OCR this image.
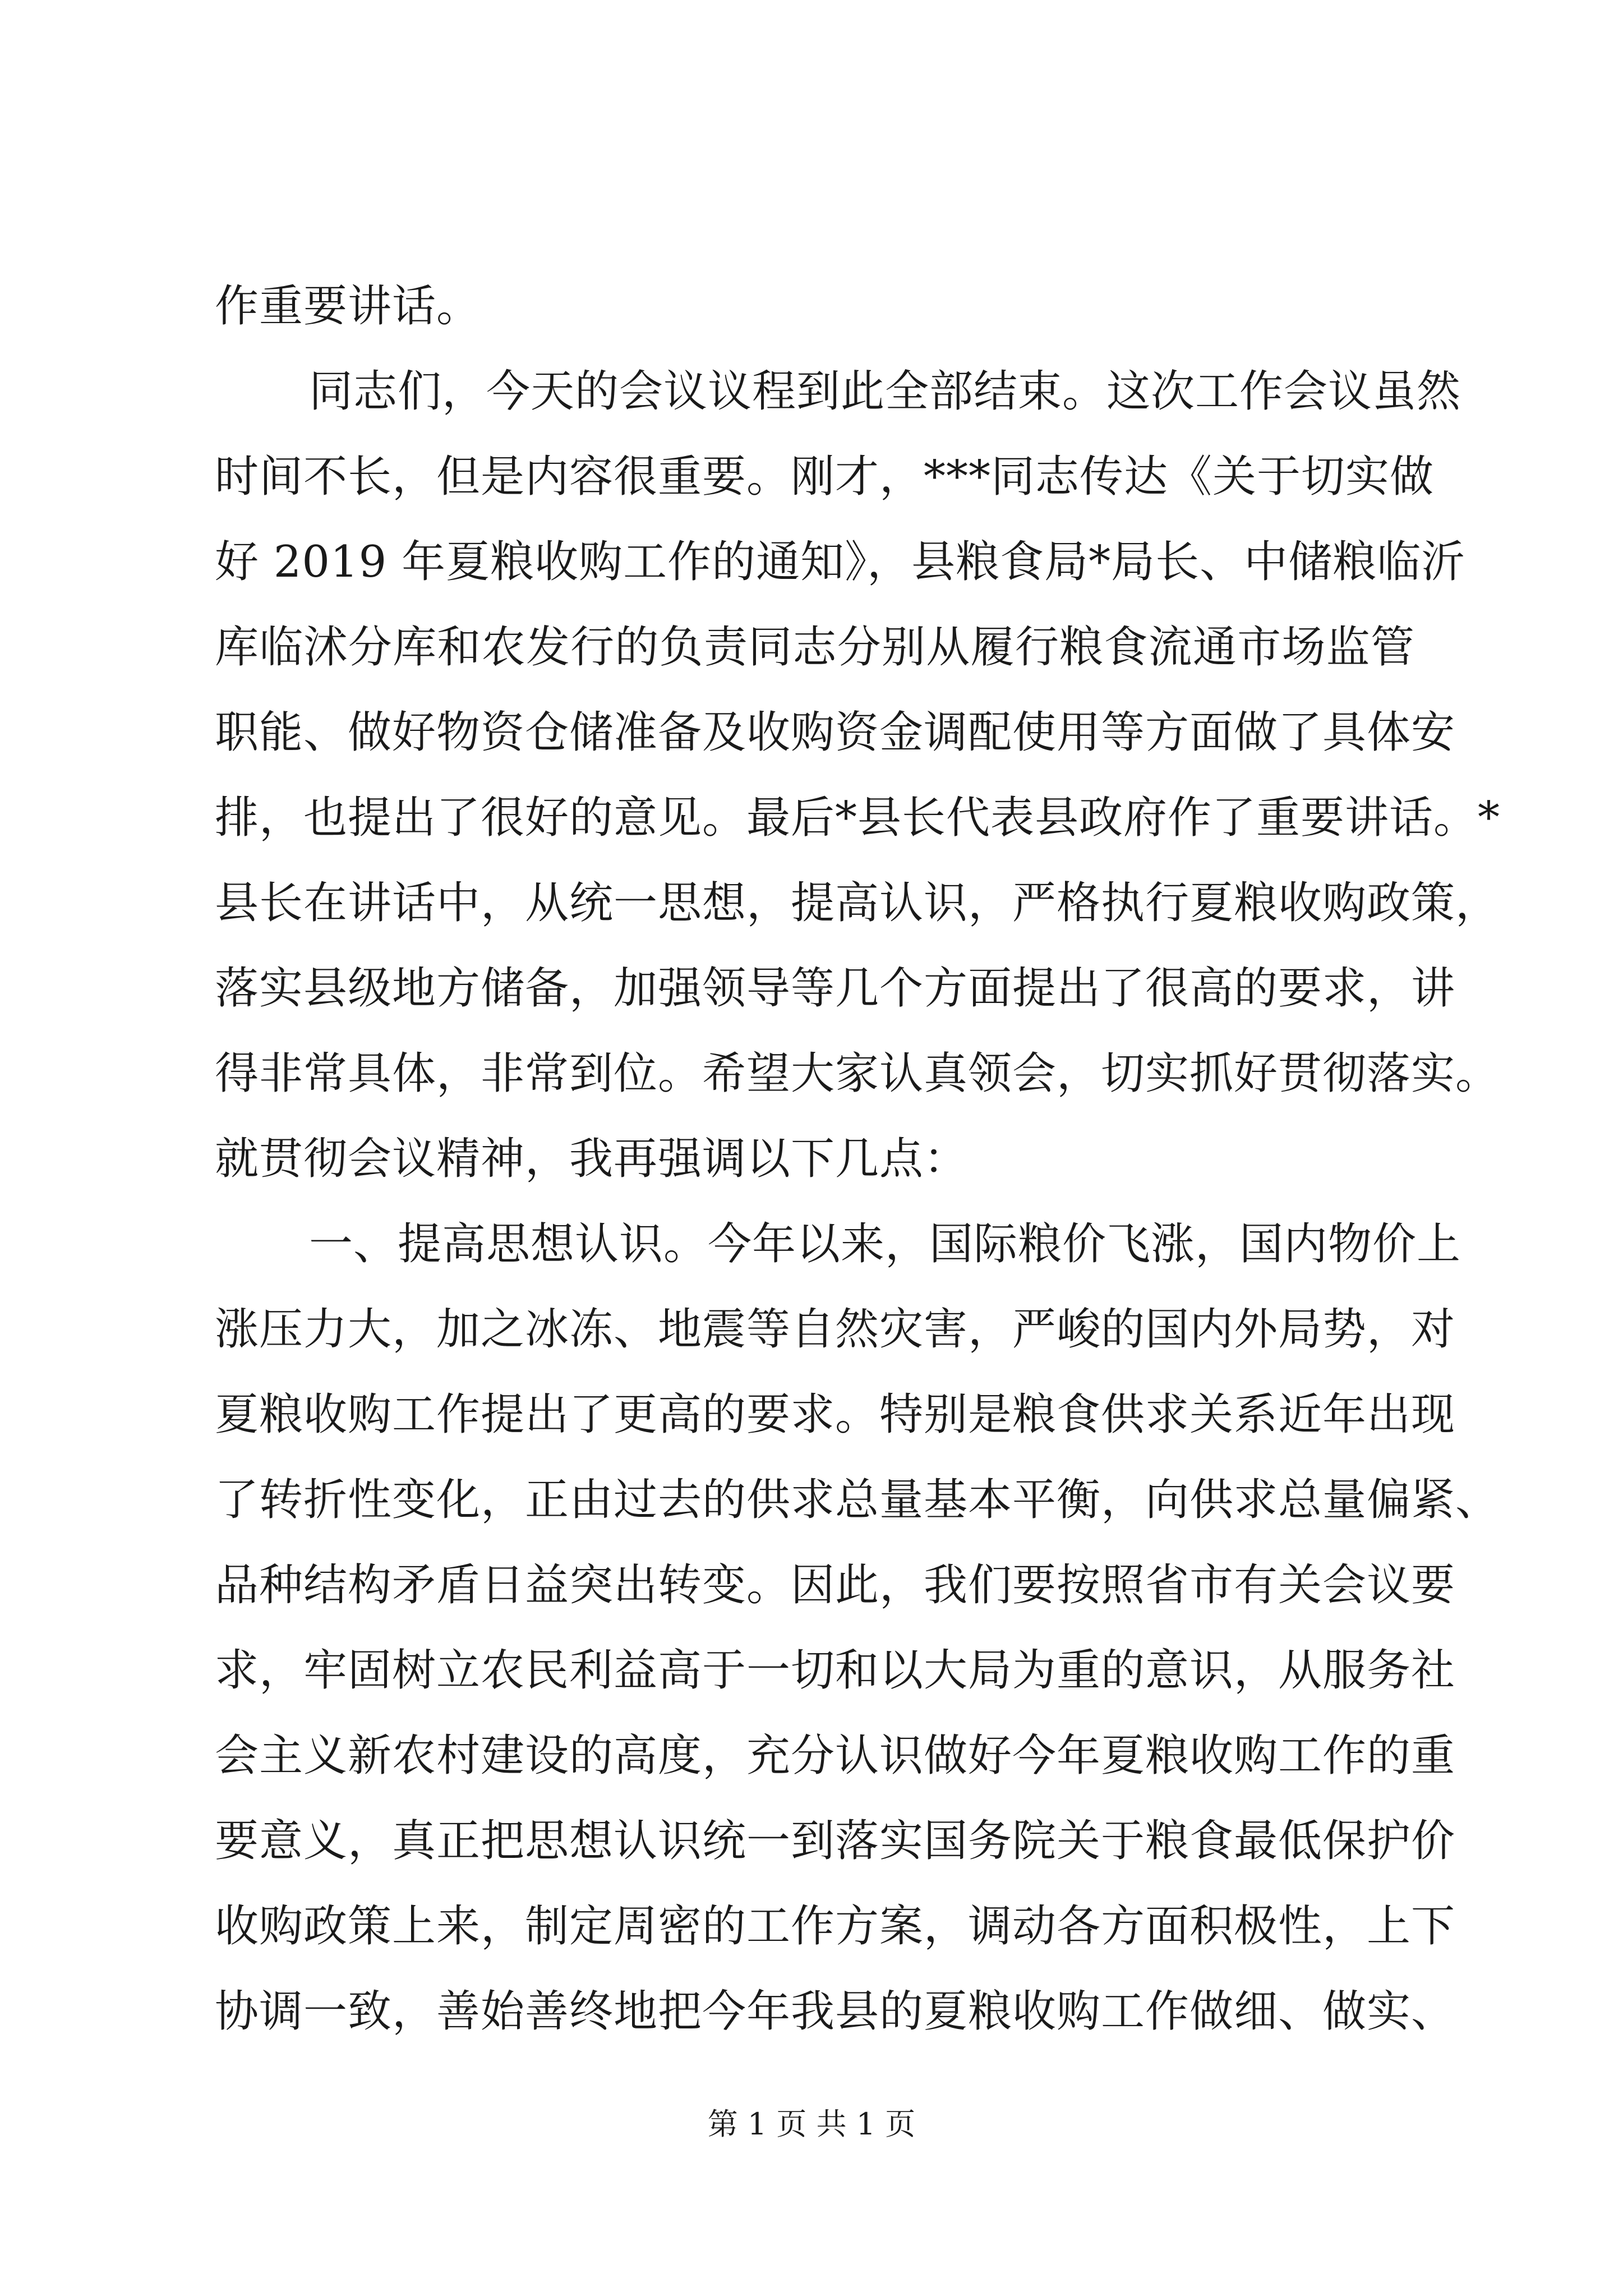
作重要讲话。
同志们，今天的会议议程到此全部结束。这次工作会议虽然
时间不长，但是内容很重要。刚才，***同志传达《关于切实做
好 2019 年夏粮收购工作的通知》，县粮食局*局长、中储粮临沂
库临沭分库和农发行的负责同志分别从履行粮食流通市场监管
职能、做好物资仓储准备及收购资金调配使用等方面做了具体安
排，也提出了很好的意见。最后*县长代表县政府作了重要讲话。*
县长在讲话中，从统一思想，提高认识，严格执行夏粮收购政策，
落实县级地方储备，加强领导等几个方面提出了很高的要求，讲
得非常具体，非常到位。希望大家认真领会，切实抓好贯彻落实。
就贯彻会议精神，我再强调以下几点：
一、提高思想认识。今年以来，国际粮价飞涨，国内物价上
涨压力大，加之冰冻、地震等自然灾害，严峻的国内外局势，对
夏粮收购工作提出了更高的要求。特别是粮食供求关系近年出现
了转折性变化，正由过去的供求总量基本平衡，向供求总量偏紧、
品种结构矛盾日益突出转变。因此，我们要按照省市有关会议要
求，牢固树立农民利益高于一切和以大局为重的意识，从服务社
会主义新农村建设的高度，充分认识做好今年夏粮收购工作的重
要意义，真正把思想认识统一到落实国务院关于粮食最低保护价
收购政策上来，制定周密的工作方案，调动各方面积极性，上下
协调一致，善始善终地把今年我县的夏粮收购工作做细、做实、
第 1 页 共 1 页
